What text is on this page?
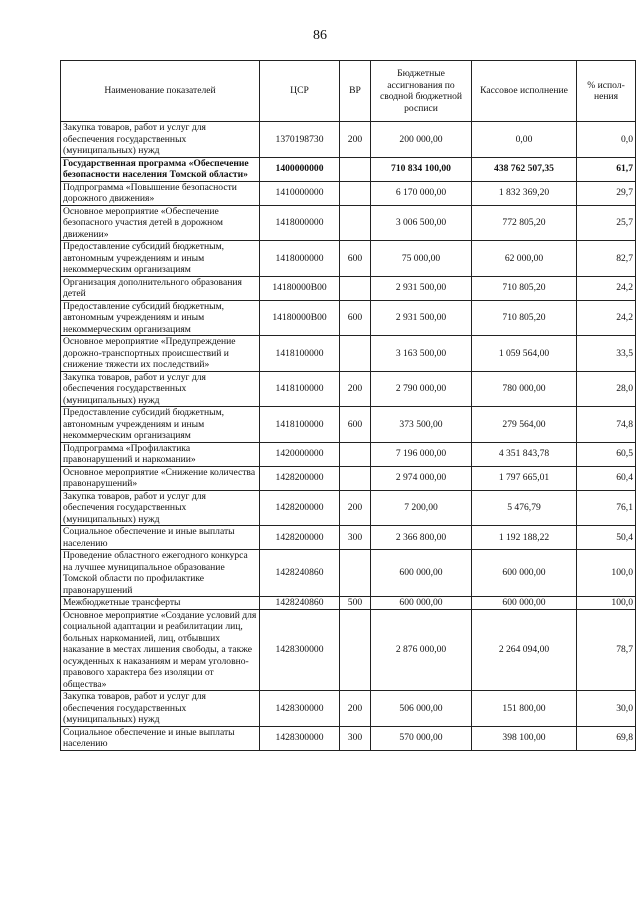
86
Наименование показателей	ЦСР	ВР	Бюджетные ассигнования по сводной бюджетной росписи	Кассовое исполнение	% испол-нения
Закупка товаров, работ и услуг для обеспечения государственных (муниципальных) нужд	1370198730	200	200 000,00	0,00	0,0
Государственная программа «Обеспечение безопасности населения Томской области»	1400000000		710 834 100,00	438 762 507,35	61,7
Подпрограмма «Повышение безопасности дорожного движения»	1410000000		6 170 000,00	1 832 369,20	29,7
Основное мероприятие «Обеспечение безопасного участия детей в дорожном движении»	1418000000		3 006 500,00	772 805,20	25,7
Предоставление субсидий бюджетным, автономным учреждениям и иным некоммерческим организациям	1418000000	600	75 000,00	62 000,00	82,7
Организация дополнительного образования детей	14180000В00		2 931 500,00	710 805,20	24,2
Предоставление субсидий бюджетным, автономным учреждениям и иным некоммерческим организациям	14180000В00	600	2 931 500,00	710 805,20	24,2
Основное мероприятие «Предупреждение дорожно-транспортных происшествий и снижение тяжести их последствий»	1418100000		3 163 500,00	1 059 564,00	33,5
Закупка товаров, работ и услуг для обеспечения государственных (муниципальных) нужд	1418100000	200	2 790 000,00	780 000,00	28,0
Предоставление субсидий бюджетным, автономным учреждениям и иным некоммерческим организациям	1418100000	600	373 500,00	279 564,00	74,8
Подпрограмма «Профилактика правонарушений и наркомании»	1420000000		7 196 000,00	4 351 843,78	60,5
Основное мероприятие «Снижение количества правонарушений»	1428200000		2 974 000,00	1 797 665,01	60,4
Закупка товаров, работ и услуг для обеспечения государственных (муниципальных) нужд	1428200000	200	7 200,00	5 476,79	76,1
Социальное обеспечение и иные выплаты населению	1428200000	300	2 366 800,00	1 192 188,22	50,4
Проведение областного ежегодного конкурса на лучшее муниципальное образование Томской области по профилактике правонарушений	1428240860		600 000,00	600 000,00	100,0
Межбюджетные трансферты	1428240860	500	600 000,00	600 000,00	100,0
Основное мероприятие «Создание условий для социальной адаптации и реабилитации лиц, больных наркоманией, лиц, отбывших наказание в местах лишения свободы, а также осужденных к наказаниям и мерам уголовно-правового характера без изоляции от общества»	1428300000		2 876 000,00	2 264 094,00	78,7
Закупка товаров, работ и услуг для обеспечения государственных (муниципальных) нужд	1428300000	200	506 000,00	151 800,00	30,0
Социальное обеспечение и иные выплаты населению	1428300000	300	570 000,00	398 100,00	69,8
